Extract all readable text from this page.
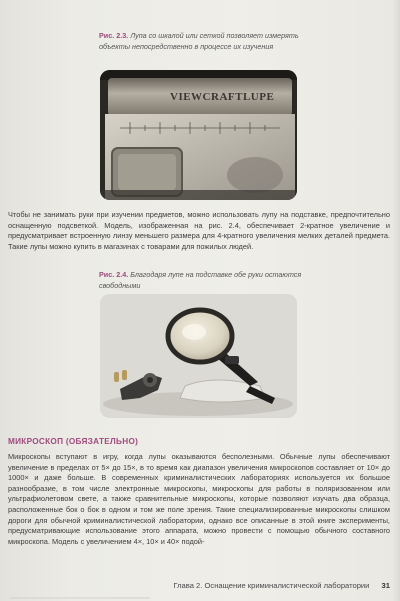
Рис. 2.3. Лупа со шкалой или сеткой позволяет измерять объекты непосредственно в процессе их изучения
VIEWCRAFTLUPE

Чтобы не занимать руки при изучении предметов, можно использовать лупу на подставке, предпочтительно оснащенную подсветкой. Модель, изображенная на рис. 2.4, обеспечивает 2-кратное увеличение и предусматривает встроенную линзу меньшего размера для 4-кратного увеличения мелких деталей предмета. Такие лупы можно купить в магазинах с товарами для пожилых людей.

Рис. 2.4. Благодаря лупе на подставке обе руки остаются свободными
МИКРОСКОП (ОБЯЗАТЕЛЬНО)

Микроскопы вступают в игру, когда лупы оказываются бесполезными. Обычные лупы обеспечивают увеличение в пределах от 5× до 15×, в то время как диапазон увеличения микроскопов составляет от 10× до 1000× и даже больше. В современных криминалистических лабораториях используется их большое разнообразие, в том числе электронные микроскопы, микроскопы для работы в поляризованном или ультрафиолетовом свете, а также сравнительные микроскопы, которые позволяют изучать два образца, расположенные бок о бок в одном и том же поле зрения. Такие специализированные микроскопы слишком дороги для обычной криминалистической лаборатории, однако все описанные в этой книге эксперименты, предусматривающие использование этого аппарата, можно провести с помощью обычного составного микроскопа. Модель с увеличением 4×, 10× и 40× подой-

Глава 2. Оснащение криминалистической лаборатории 31
